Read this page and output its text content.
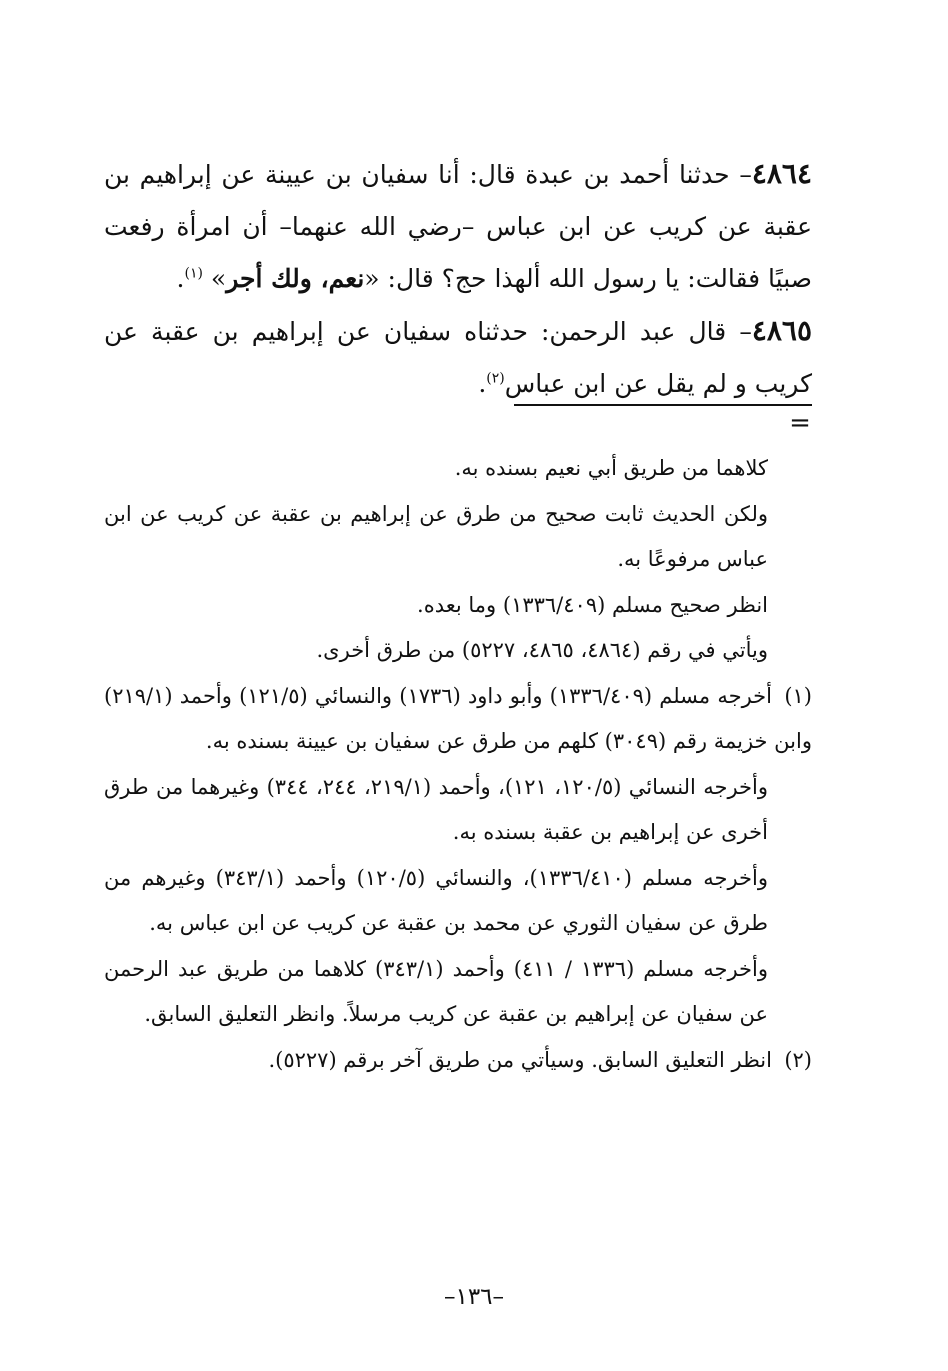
٤٨٦٤– حدثنا أحمد بن عبدة قال: أنا سفيان بن عيينة عن إبراهيم بن عقبة عن كريب عن ابن عباس –رضي الله عنهما– أن امرأة رفعت صبيًا فقالت: يا رسول الله ألهذا حج؟ قال: «نعم، ولك أجر» $^{(١)}$.

٤٨٦٥– قال عبد الرحمن: حدثناه سفيان عن إبراهيم بن عقبة عن كريب و لم يقل عن ابن عباس$^{(٢)}$.

=

كلاهما من طريق أبي نعيم بسنده به.

ولكن الحديث ثابت صحيح من طرق عن إبراهيم بن عقبة عن كريب عن ابن عباس مرفوعًا به.

انظر صحيح مسلم (١٣٣٦/٤٠٩) وما بعده.

ويأتي في رقم (٤٨٦٤، ٤٨٦٥، ٥٢٢٧) من طرق أخرى.

(١)أخرجه مسلم (١٣٣٦/٤٠٩) وأبو داود (١٧٣٦) والنسائي (١٢١/٥) وأحمد (٢١٩/١) وابن خزيمة رقم (٣٠٤٩) كلهم من طرق عن سفيان بن عيينة بسنده به.

وأخرجه النسائي (١٢٠/٥، ١٢١)، وأحمد (٢١٩/١، ٢٤٤، ٣٤٤) وغيرهما من طرق أخرى عن إبراهيم بن عقبة بسنده به.

وأخرجه مسلم (١٣٣٦/٤١٠)، والنسائي (١٢٠/٥) وأحمد (٣٤٣/١) وغيرهم من طرق عن سفيان الثوري عن محمد بن عقبة عن كريب عن ابن عباس به.

وأخرجه مسلم (١٣٣٦ / ٤١١) وأحمد (٣٤٣/١) كلاهما من طريق عبد الرحمن عن سفيان عن إبراهيم بن عقبة عن كريب مرسلاً. وانظر التعليق السابق.

(٢)انظر التعليق السابق. وسيأتي من طريق آخر برقم (٥٢٢٧).

–١٣٦–
